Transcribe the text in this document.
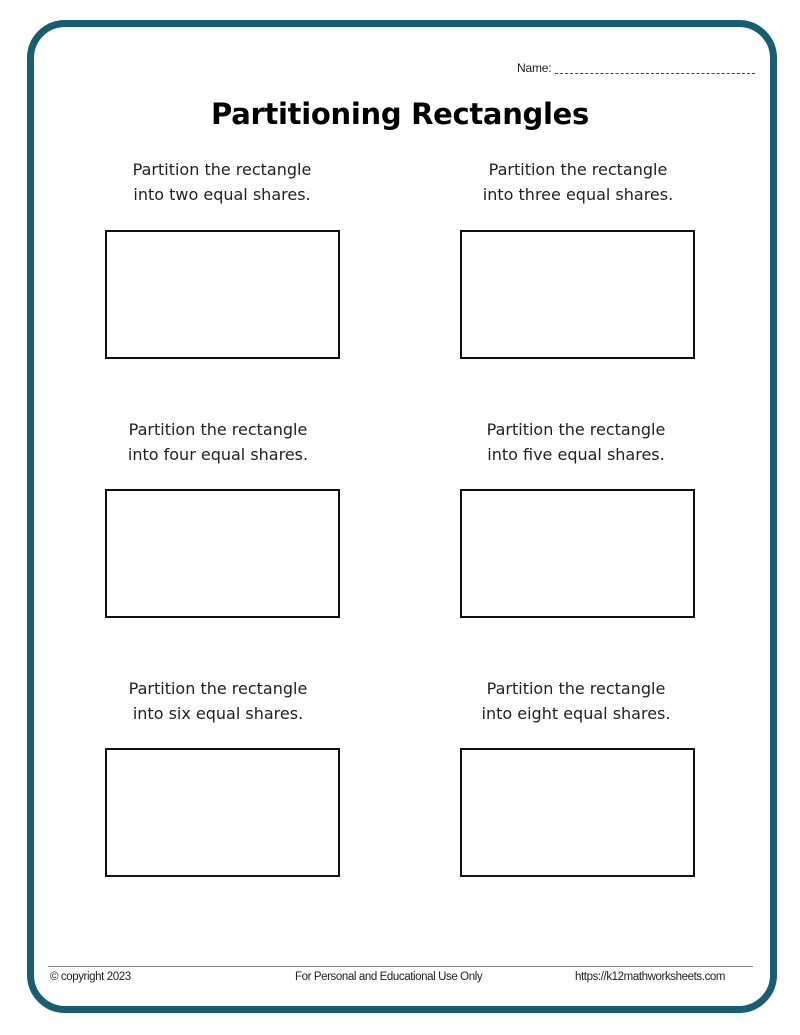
Name:
Partitioning Rectangles
Partition the rectangle
into two equal shares.
Partition the rectangle
into three equal shares.
Partition the rectangle
into four equal shares.
Partition the rectangle
into five equal shares.
Partition the rectangle
into six equal shares.
Partition the rectangle
into eight equal shares.
© copyright 2023	For Personal and Educational Use Only	https://k12mathworksheets.com
